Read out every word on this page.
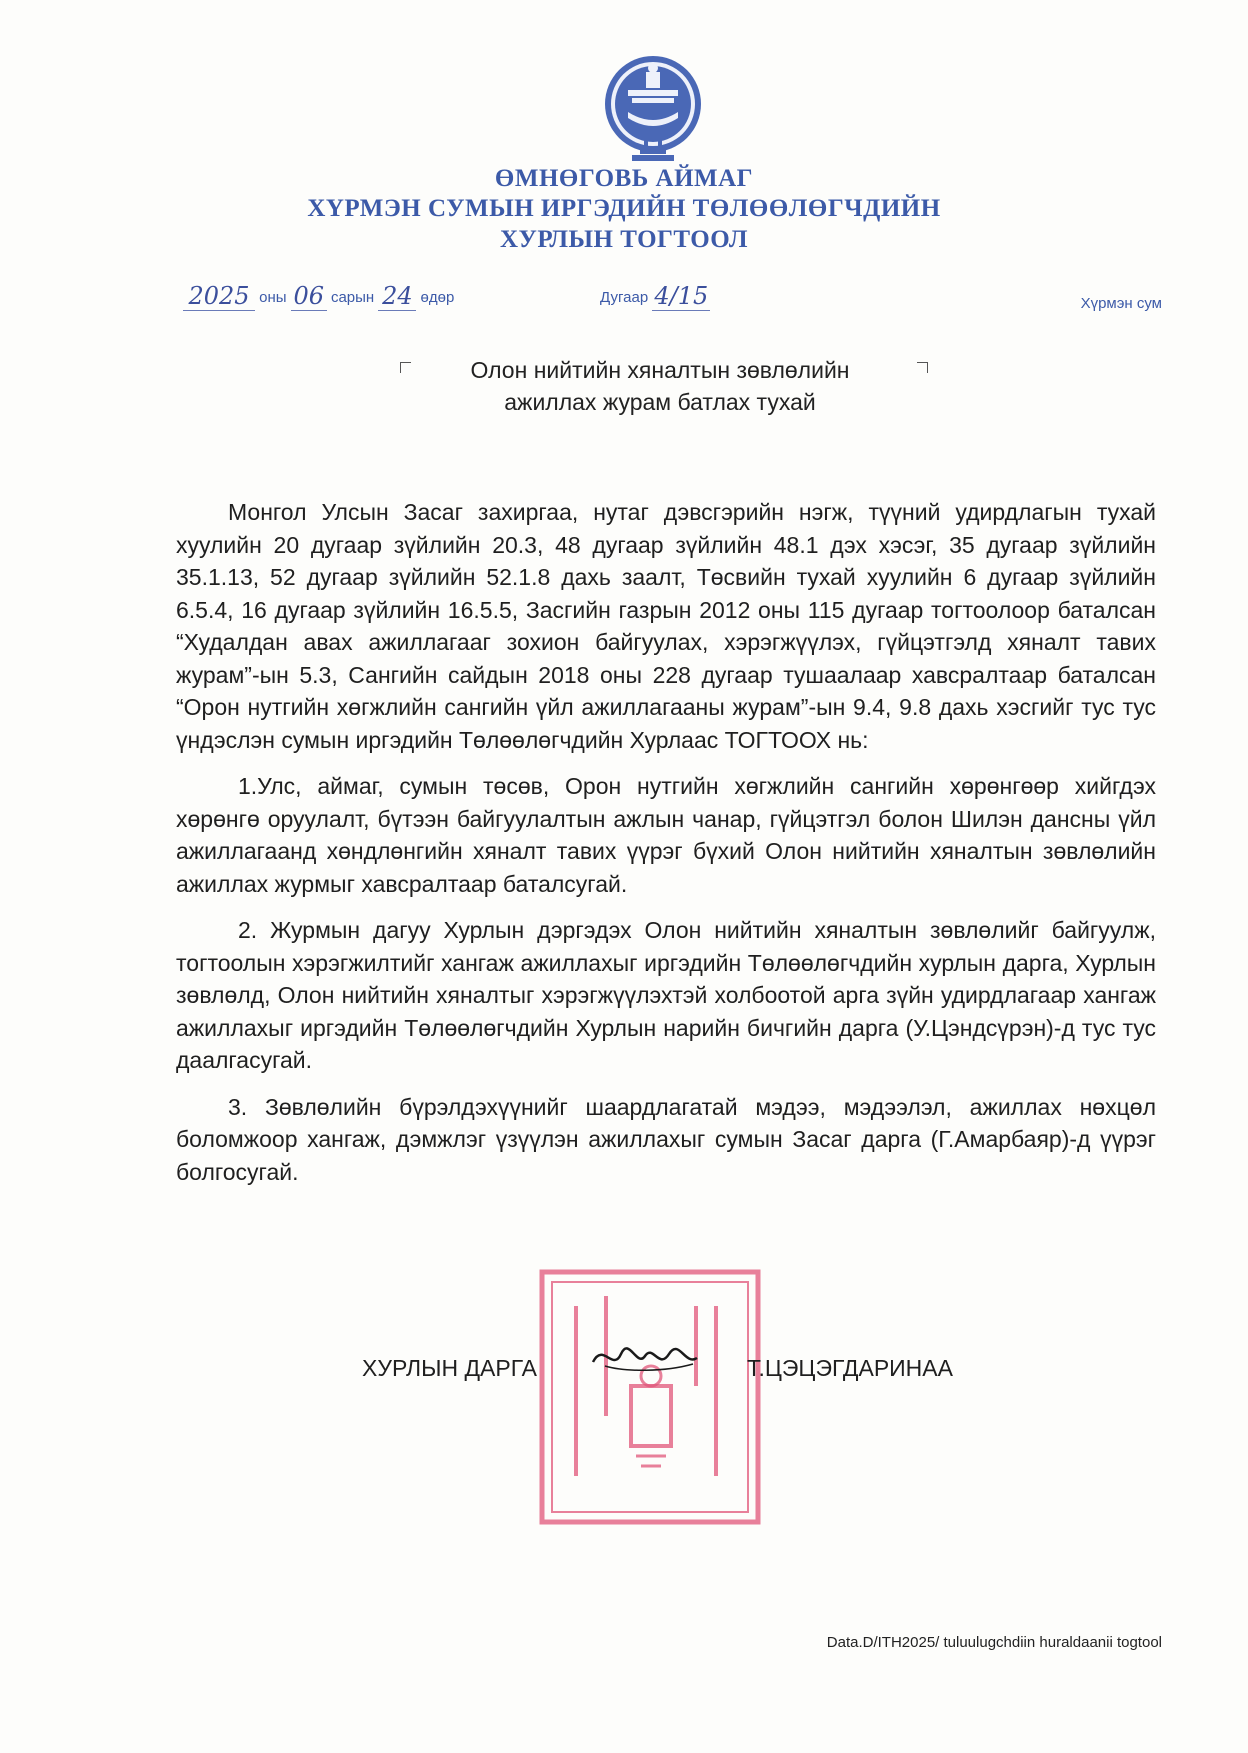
ӨМНӨГОВЬ АЙМАГ
ХҮРМЭН СУМЫН ИРГЭДИЙН ТӨЛӨӨЛӨГЧДИЙН
ХУРЛЫН ТОГТООЛ
2025 оны 06 сарын 24 өдөр	Дугаар 4/15	Хүрмэн сум
Олон нийтийн хяналтын зөвлөлийн
ажиллах журам батлах тухай

Монгол Улсын Засаг захиргаа, нутаг дэвсгэрийн нэгж, түүний удирдлагын тухай хуулийн 20 дугаар зүйлийн 20.3, 48 дугаар зүйлийн 48.1 дэх хэсэг, 35 дугаар зүйлийн 35.1.13, 52 дугаар зүйлийн 52.1.8 дахь заалт, Төсвийн тухай хуулийн 6 дугаар зүйлийн 6.5.4, 16 дугаар зүйлийн 16.5.5, Засгийн газрын 2012 оны 115 дугаар тогтоолоор баталсан “Худалдан авах ажиллагааг зохион байгуулах, хэрэгжүүлэх, гүйцэтгэлд хяналт тавих журам”-ын 5.3, Сангийн сайдын 2018 оны 228 дугаар тушаалаар хавсралтаар баталсан “Орон нутгийн хөгжлийн сангийн үйл ажиллагааны журам”-ын 9.4, 9.8 дахь хэсгийг тус тус үндэслэн сумын иргэдийн Төлөөлөгчдийн Хурлаас ТОГТООХ нь:

1.Улс, аймаг, сумын төсөв, Орон нутгийн хөгжлийн сангийн хөрөнгөөр хийгдэх хөрөнгө оруулалт, бүтээн байгуулалтын ажлын чанар, гүйцэтгэл болон Шилэн дансны үйл ажиллагаанд хөндлөнгийн хяналт тавих үүрэг бүхий Олон нийтийн хяналтын зөвлөлийн ажиллах журмыг хавсралтаар баталсугай.

2. Журмын дагуу Хурлын дэргэдэх Олон нийтийн хяналтын зөвлөлийг байгуулж, тогтоолын хэрэгжилтийг хангаж ажиллахыг иргэдийн Төлөөлөгчдийн хурлын дарга, Хурлын зөвлөлд, Олон нийтийн хяналтыг хэрэгжүүлэхтэй холбоотой арга зүйн удирдлагаар хангаж ажиллахыг иргэдийн Төлөөлөгчдийн Хурлын нарийн бичгийн дарга (У.Цэндсүрэн)-д тус тус даалгасугай.

3. Зөвлөлийн бүрэлдэхүүнийг шаардлагатай мэдээ, мэдээлэл, ажиллах нөхцөл боломжоор хангаж, дэмжлэг үзүүлэн ажиллахыг сумын Засаг дарга (Г.Амарбаяр)-д үүрэг болгосугай.

ХУРЛЫН ДАРГА	Т.ЦЭЦЭГДАРИНАА
Data.D/ITH2025/ tuluulugchdiin huraldaanii togtool
